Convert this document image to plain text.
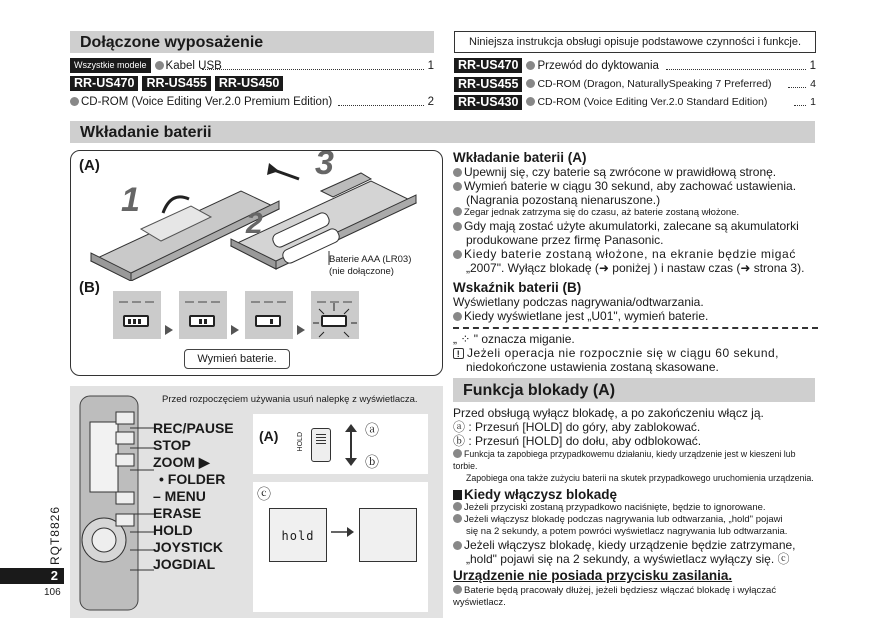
Dołączone wyposażenie
Wszystkie modele Kabel USB	1
RR-US470 RR-US455 RR-US450
CD-ROM (Voice Editing Ver.2.0 Premium Edition)	2
Niniejsza instrukcja obsługi opisuje podstawowe czynności i funkcje.
RR-US470 Przewód do dyktowania	1
RR-US455 CD-ROM (Dragon, NaturallySpeaking 7 Preferred)	4
RR-US430 CD-ROM (Voice Editing Ver.2.0 Standard Edition)	1
Wkładanie baterii
(A)
1
3
2
Baterie AAA (LR03)
(nie dołączone)
(B)
Wymień baterie.
Przed rozpoczęciem używania usuń nalepkę z wyświetlacza.
REC/PAUSE
STOP
ZOOM ▶
• FOLDER
– MENU
ERASE
HOLD
JOYSTICK
JOGDIAL
(A)	HOLD
ⓐ
ⓑ
ⓒ
hold
RQT8826
2
106
Wkładanie baterii (A)
Upewnij się, czy baterie są zwrócone w prawidłową stronę.
Wymień baterie w ciągu 30 sekund, aby zachować ustawienia.
(Nagrania pozostaną nienaruszone.)
Zegar jednak zatrzyma się do czasu, aż baterie zostaną włożone.
Gdy mają zostać użyte akumulatorki, zalecane są akumulatorki
produkowane przez firmę Panasonic.
Kiedy baterie zostaną włożone, na ekranie będzie migać
„2007". Wyłącz blokadę (➜ poniżej ) i nastaw czas (➜ strona 3).
Wskaźnik baterii (B)
Wyświetlany podczas nagrywania/odtwarzania.
Kiedy wyświetlane jest „U01", wymień baterie.
„ ⁘ " oznacza miganie.
! Jeżeli operacja nie rozpocznie się w ciągu 60 sekund,
niedokończone ustawienia zostaną skasowane.
Funkcja blokady (A)
Przed obsługą wyłącz blokadę, a po zakończeniu włącz ją.
ⓐ : Przesuń [HOLD] do góry, aby zablokować.
ⓑ : Przesuń [HOLD] do dołu, aby odblokować.
Funkcja ta zapobiega przypadkowemu działaniu, kiedy urządzenie jest w kieszeni lub torbie.
Zapobiega ona także zużyciu baterii na skutek przypadkowego uruchomienia urządzenia.
Kiedy włączysz blokadę
Jeżeli przyciski zostaną przypadkowo naciśnięte, będzie to ignorowane.
Jeżeli włączysz blokadę podczas nagrywania lub odtwarzania, „hold" pojawi
się na 2 sekundy, a potem powróci wyświetlacz nagrywania lub odtwarzania.
Jeżeli włączysz blokadę, kiedy urządzenie będzie zatrzymane,
„hold" pojawi się na 2 sekundy, a wyświetlacz wyłączy się. ⓒ
Urządzenie nie posiada przycisku zasilania.
Baterie będą pracowały dłużej, jeżeli będziesz włączać blokadę i wyłączać wyświetlacz.
